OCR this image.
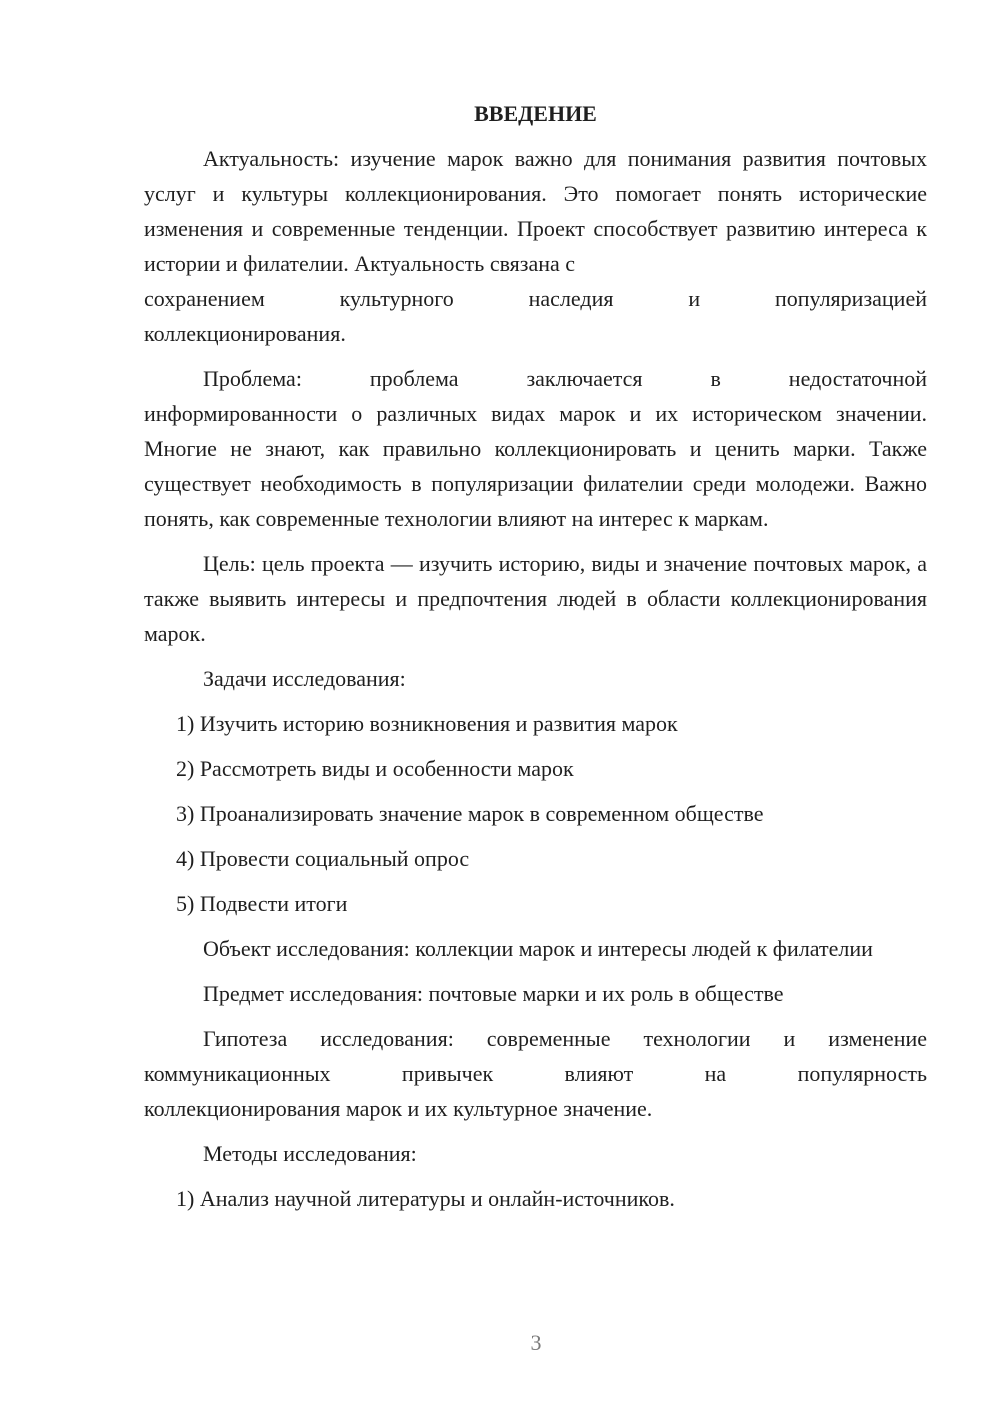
ВВЕДЕНИЕ
Актуальность: изучение марок важно для понимания развития почтовых услуг и культуры коллекционирования. Это помогает понять исторические изменения и современные тенденции. Проект способствует развитию интереса к истории и филателии. Актуальность связана с
сохранением культурного наследия и популяризацией
коллекционирования.
Проблема: проблема заключается в недостаточной
информированности о различных видах марок и их историческом значении. Многие не знают, как правильно коллекционировать и ценить марки. Также существует необходимость в популяризации филателии среди молодежи. Важно понять, как современные технологии влияют на интерес к маркам.
Цель: цель проекта — изучить историю, виды и значение почтовых марок, а также выявить интересы и предпочтения людей в области коллекционирования марок.
Задачи исследования:
1) Изучить историю возникновения и развития марок
2) Рассмотреть виды и особенности марок
3) Проанализировать значение марок в современном обществе
4) Провести социальный опрос
5) Подвести итоги
Объект исследования: коллекции марок и интересы людей к филателии
Предмет исследования: почтовые марки и их роль в обществе
Гипотеза исследования: современные технологии и изменение
коммуникационных привычек влияют на популярность
коллекционирования марок и их культурное значение.
Методы исследования:
1) Анализ научной литературы и онлайн-источников.
3
